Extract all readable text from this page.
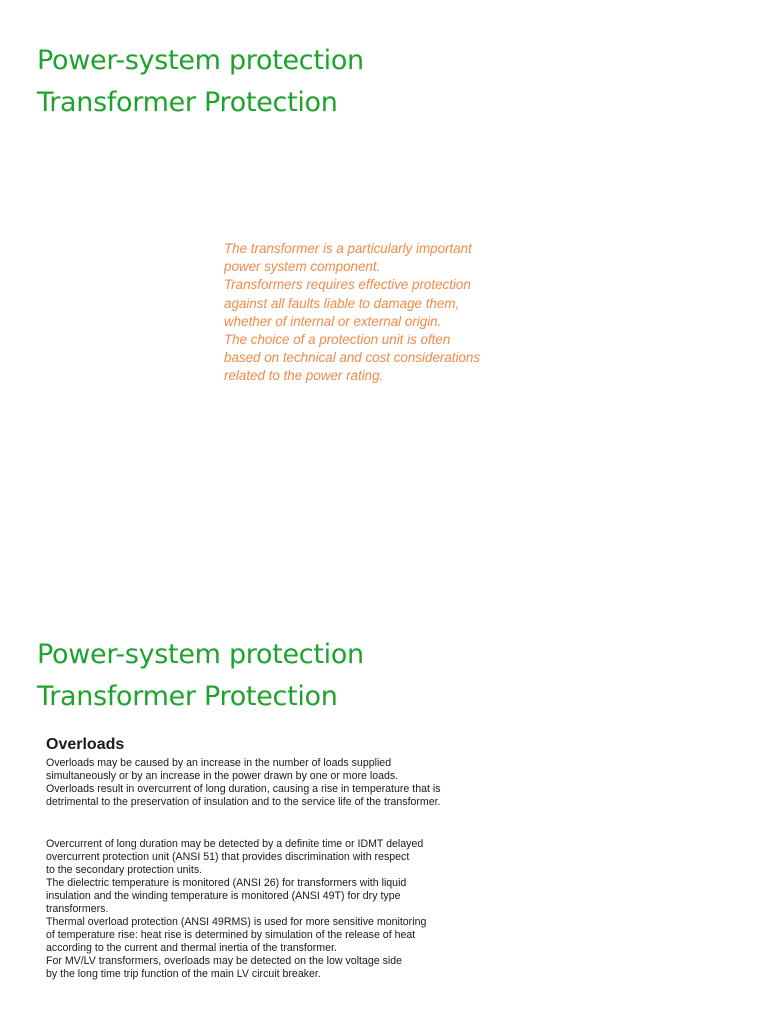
Power-system protection
Transformer Protection
The transformer is a particularly important
power system component.
Transformers requires effective protection
against all faults liable to damage them,
whether of internal or external origin.
The choice of a protection unit is often
based on technical and cost considerations
related to the power rating.
Power-system protection
Transformer Protection
Overloads
Overloads may be caused by an increase in the number of loads supplied
simultaneously or by an increase in the power drawn by one or more loads.
Overloads result in overcurrent of long duration, causing a rise in temperature that is
detrimental to the preservation of insulation and to the service life of the transformer.
Overcurrent of long duration may be detected by a definite time or IDMT delayed
overcurrent protection unit (ANSI 51) that provides discrimination with respect
to the secondary protection units.
The dielectric temperature is monitored (ANSI 26) for transformers with liquid
insulation and the winding temperature is monitored (ANSI 49T) for dry type
transformers.
Thermal overload protection (ANSI 49RMS) is used for more sensitive monitoring
of temperature rise: heat rise is determined by simulation of the release of heat
according to the current and thermal inertia of the transformer.
For MV/LV transformers, overloads may be detected on the low voltage side
by the long time trip function of the main LV circuit breaker.
